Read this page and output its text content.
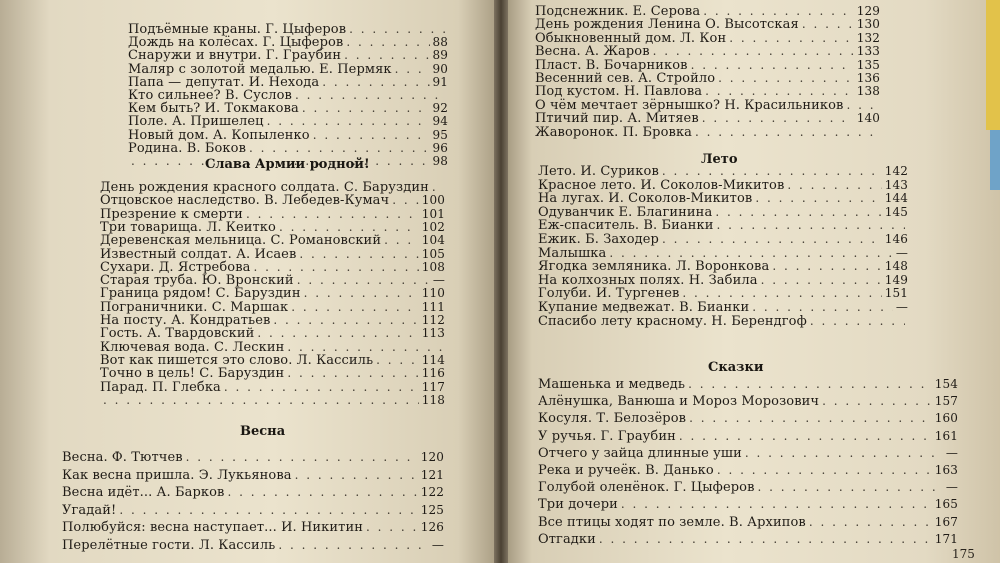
Подъёмные краны. Г. Цыферов
. . .
Дождь на колёсах. Г. Цыферов . . .	88
Снаружи и внутри. Г. Граубин . . .	89
Маляр с золотой медалью. Е. Пермяк . . .	90
Папа — депутат. И. Неходa . . .	91
Кто сильнее? В. Суслов
. . .
Кем быть? И. Токмакова . . .	92
Поле. А. Пришелец . . .	94
Новый дом. А. Копыленко . . .	95
Родина. В. Боков . . .	96
. . .
98
Слава Армии родной!
День рождения красного солдата. С. Баруздин
. . .
Отцовское наследство. В. Лебедев-Кумач . . .	100
Презрение к смерти . . .	101
Три товарища. Л. Кеитко . . .	102
Деревенская мельница. С. Романовский . . .	104
Известный солдат. А. Исаев . . .	105
Сухари. Д. Ястребова . . .	108
Старая труба. Ю. Вронский . . .	—
Граница рядом! С. Баруздин . . .	110
Пограничники. С. Маршак . . .	111
На посту. А. Кондратьев . . .	112
Гость. А. Твардовский . . .	113
Ключевая вода. С. Лескин
. . .
Вот как пишется это слово. Л. Кассиль . . .	114
Точно в цель! С. Баруздин . . .	116
Парад. П. Глебка . . .	117
. . .
118
Весна
Весна. Ф. Тютчев . . .	120
Как весна пришла. Э. Лукьянова . . .	121
Весна идёт... А. Барков . . .	122
Угадай! . . .	125
Полюбуйся: весна наступает... И. Никитин . . .	126
Перелётные гости. Л. Кассиль . . .	—
Подснежник. Е. Серова . . .	129
День рождения Ленина О. Высотская . . .	130
Обыкновенный дом. Л. Кон . . .	132
Весна. А. Жаров . . .	133
Пласт. В. Бочарников . . .	135
Весенний сев. А. Стройло . . .	136
Под кустом. Н. Павлова . . .	138
О чём мечтает зёрнышко? Н. Красильников
. . .
Птичий пир. А. Митяев . . .	140
Жаворонок. П. Бровка
. . .
Лето
Лето. И. Суриков . . .	142
Красное лето. И. Соколов-Микитов . . .	143
На лугах. И. Соколов-Микитов . . .	144
Одуванчик Е. Благинина . . .	145
Еж-спаситель. В. Бианки
. . .
Ежик. Б. Заходер . . .	146
Малышка . . .	—
Ягодка земляника. Л. Воронкова . . .	148
На колхозных полях. Н. Забила . . .	149
Голуби. И. Тургенев . . .	151
Купание медвежат. В. Бианки . . .	—
Спасибо лету красному. Н. Берендгоф
. . .
Сказки
Машенька и медведь . . .	154
Алёнушка, Ванюша и Мороз Морозович . . .	157
Косуля. Т. Белозёров . . .	160
У ручья. Г. Граубин . . .	161
Отчего у зайца длинные уши . . .	—
Река и ручеёк. В. Данько . . .	163
Голубой оленёнок. Г. Цыферов . . .	—
Три дочери . . .	165
Все птицы ходят по земле. В. Архипов . . .	167
Отгадки . . .	171
175
